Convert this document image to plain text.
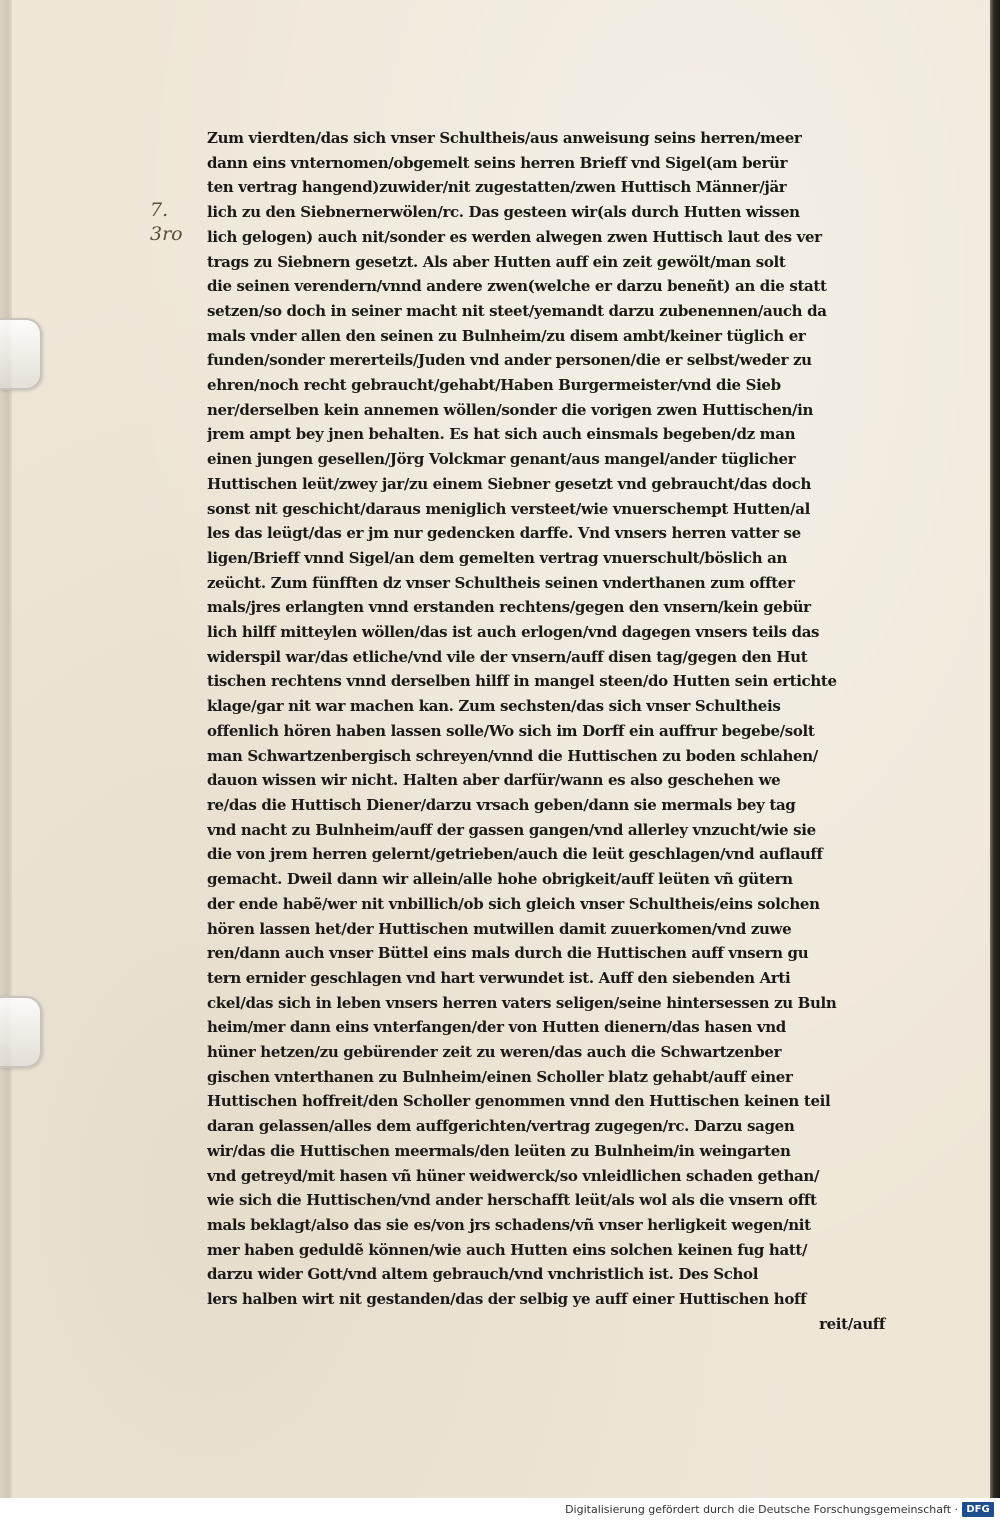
7.
3ro
Zum vierdten/das sich vnser Schultheis/aus anweisung seins herren/meer
dann eins vnternomen/obgemelt seins herren Brieff vnd Sigel(am berür
ten vertrag hangend)zuwider/nit zugestatten/zwen Huttisch Männer/jär
lich zu den Siebnernerwölen/rc. Das gesteen wir(als durch Hutten wissen
lich gelogen) auch nit/sonder es werden alwegen zwen Huttisch laut des ver
trags zu Siebnern gesetzt. Als aber Hutten auff ein zeit gewölt/man solt
die seinen verendern/vnnd andere zwen(welche er darzu beneñt) an die statt
setzen/so doch in seiner macht nit steet/yemandt darzu zubenennen/auch da
mals vnder allen den seinen zu Bulnheim/zu disem ambt/keiner tüglich er
funden/sonder mererteils/Juden vnd ander personen/die er selbst/weder zu
ehren/noch recht gebraucht/gehabt/Haben Burgermeister/vnd die Sieb
ner/derselben kein annemen wöllen/sonder die vorigen zwen Huttischen/in
jrem ampt bey jnen behalten. Es hat sich auch einsmals begeben/dz man
einen jungen gesellen/Jörg Volckmar genant/aus mangel/ander tüglicher
Huttischen leüt/zwey jar/zu einem Siebner gesetzt vnd gebraucht/das doch
sonst nit geschicht/daraus meniglich versteet/wie vnuerschempt Hutten/al
les das leügt/das er jm nur gedencken darffe. Vnd vnsers herren vatter se
ligen/Brieff vnnd Sigel/an dem gemelten vertrag vnuerschult/böslich an
zeücht. Zum fünfften dz vnser Schultheis seinen vnderthanen zum offter
mals/jres erlangten vnnd erstanden rechtens/gegen den vnsern/kein gebür
lich hilff mitteylen wöllen/das ist auch erlogen/vnd dagegen vnsers teils das
widerspil war/das etliche/vnd vile der vnsern/auff disen tag/gegen den Hut
tischen rechtens vnnd derselben hilff in mangel steen/do Hutten sein ertichte
klage/gar nit war machen kan. Zum sechsten/das sich vnser Schultheis
offenlich hören haben lassen solle/Wo sich im Dorff ein auffrur begebe/solt
man Schwartzenbergisch schreyen/vnnd die Huttischen zu boden schlahen/
dauon wissen wir nicht. Halten aber darfür/wann es also geschehen we
re/das die Huttisch Diener/darzu vrsach geben/dann sie mermals bey tag
vnd nacht zu Bulnheim/auff der gassen gangen/vnd allerley vnzucht/wie sie
die von jrem herren gelernt/getrieben/auch die leüt geschlagen/vnd auflauff
gemacht. Dweil dann wir allein/alle hohe obrigkeit/auff leüten vñ gütern
der ende habẽ/wer nit vnbillich/ob sich gleich vnser Schultheis/eins solchen
hören lassen het/der Huttischen mutwillen damit zuuerkomen/vnd zuwe
ren/dann auch vnser Büttel eins mals durch die Huttischen auff vnsern gu
tern ernider geschlagen vnd hart verwundet ist. Auff den siebenden Arti
ckel/das sich in leben vnsers herren vaters seligen/seine hintersessen zu Buln
heim/mer dann eins vnterfangen/der von Hutten dienern/das hasen vnd
hüner hetzen/zu gebürender zeit zu weren/das auch die Schwartzenber
gischen vnterthanen zu Bulnheim/einen Scholler blatz gehabt/auff einer
Huttischen hoffreit/den Scholler genommen vnnd den Huttischen keinen teil
daran gelassen/alles dem auffgerichten/vertrag zugegen/rc. Darzu sagen
wir/das die Huttischen meermals/den leüten zu Bulnheim/in weingarten
vnd getreyd/mit hasen vñ hüner weidwerck/so vnleidlichen schaden gethan/
wie sich die Huttischen/vnd ander herschafft leüt/als wol als die vnsern offt
mals beklagt/also das sie es/von jrs schadens/vñ vnser herligkeit wegen/nit
mer haben geduldẽ können/wie auch Hutten eins solchen keinen fug hatt/
darzu wider Gott/vnd altem gebrauch/vnd vnchristlich ist. Des Schol
lers halben wirt nit gestanden/das der selbig ye auff einer Huttischen hoff
reit/auff
Digitalisierung gefördert durch die Deutsche Forschungsgemeinschaft · DFG
